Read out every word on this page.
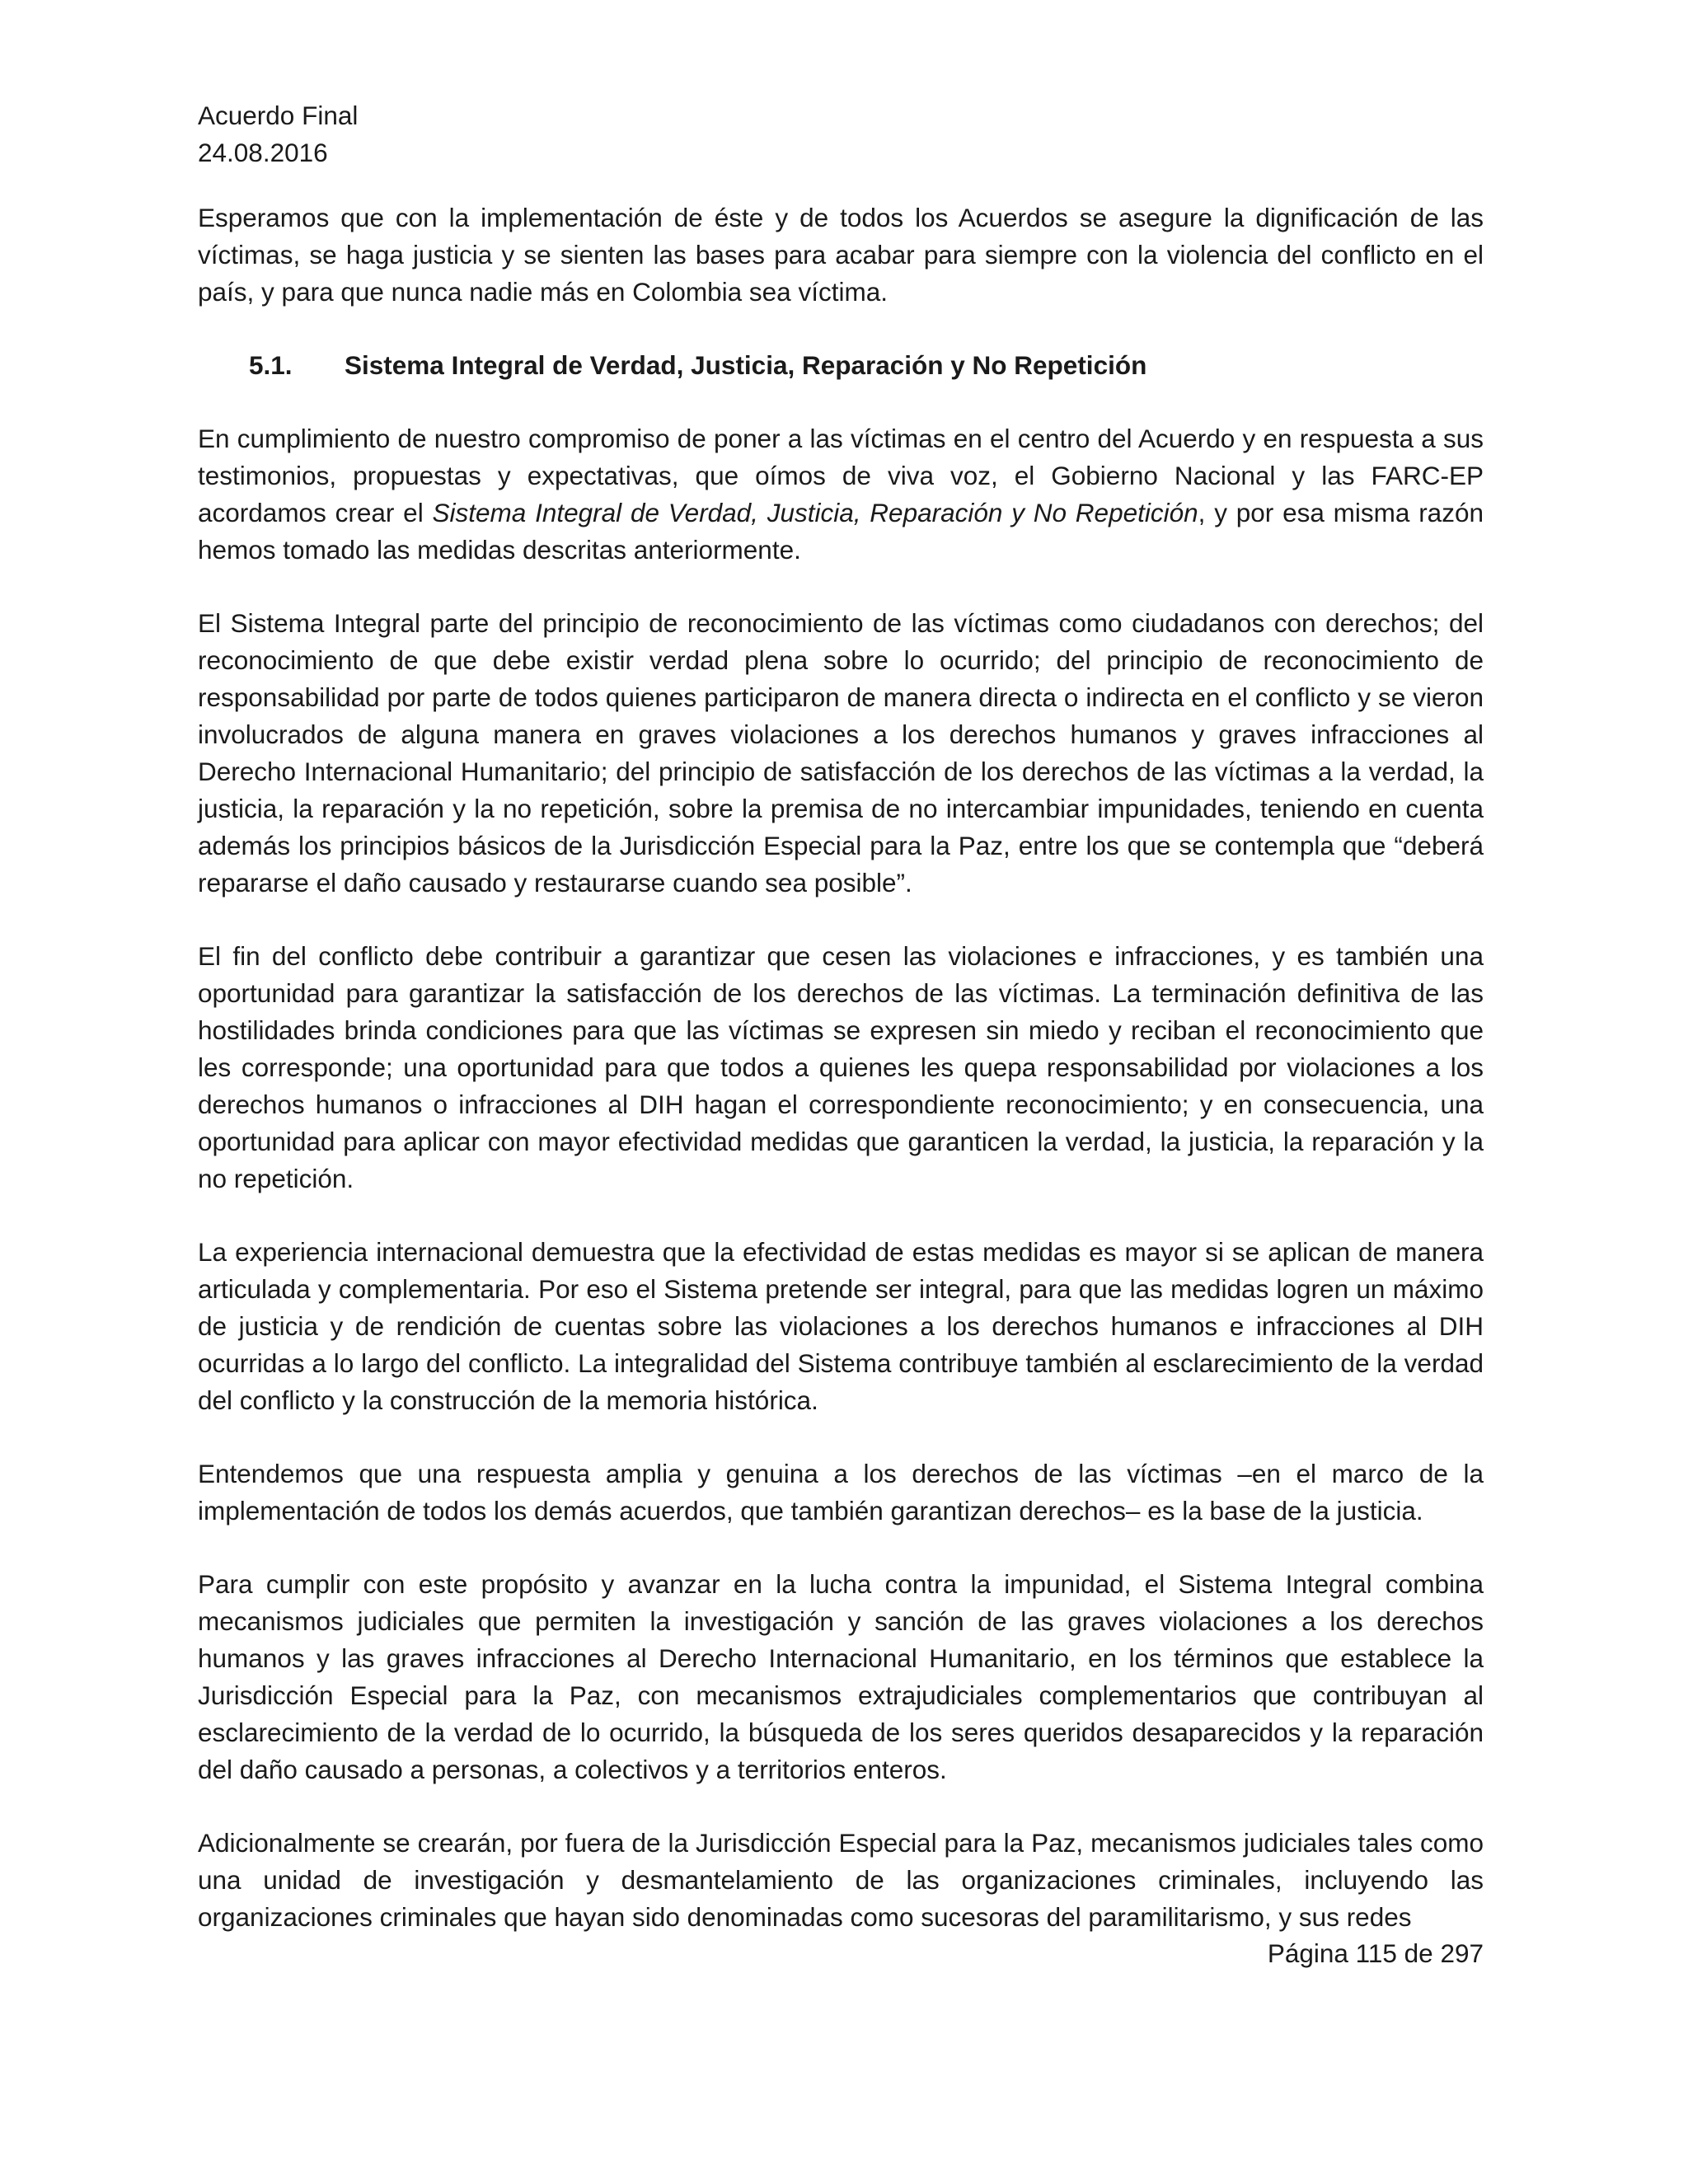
Acuerdo Final
24.08.2016

Esperamos que con la implementación de éste y de todos los Acuerdos se asegure la dignificación de las víctimas, se haga justicia y se sienten las bases para acabar para siempre con la violencia del conflicto en el país, y para que nunca nadie más en Colombia sea víctima.

5.1.	Sistema Integral de Verdad, Justicia, Reparación y No Repetición

En cumplimiento de nuestro compromiso de poner a las víctimas en el centro del Acuerdo y en respuesta a sus testimonios, propuestas y expectativas, que oímos de viva voz, el Gobierno Nacional y las FARC-EP acordamos crear el Sistema Integral de Verdad, Justicia, Reparación y No Repetición, y por esa misma razón hemos tomado las medidas descritas anteriormente.

El Sistema Integral parte del principio de reconocimiento de las víctimas como ciudadanos con derechos; del reconocimiento de que debe existir verdad plena sobre lo ocurrido; del principio de reconocimiento de responsabilidad por parte de todos quienes participaron de manera directa o indirecta en el conflicto y se vieron involucrados de alguna manera en graves violaciones a los derechos humanos y graves infracciones al Derecho Internacional Humanitario; del principio de satisfacción de los derechos de las víctimas a la verdad, la justicia, la reparación y la no repetición, sobre la premisa de no intercambiar impunidades, teniendo en cuenta además los principios básicos de la Jurisdicción Especial para la Paz, entre los que se contempla que “deberá repararse el daño causado y restaurarse cuando sea posible”.

El fin del conflicto debe contribuir a garantizar que cesen las violaciones e infracciones, y es también una oportunidad para garantizar la satisfacción de los derechos de las víctimas. La terminación definitiva de las hostilidades brinda condiciones para que las víctimas se expresen sin miedo y reciban el reconocimiento que les corresponde; una oportunidad para que todos a quienes les quepa responsabilidad por violaciones a los derechos humanos o infracciones al DIH hagan el correspondiente reconocimiento; y en consecuencia, una oportunidad para aplicar con mayor efectividad medidas que garanticen la verdad, la justicia, la reparación y la no repetición.

La experiencia internacional demuestra que la efectividad de estas medidas es mayor si se aplican de manera articulada y complementaria. Por eso el Sistema pretende ser integral, para que las medidas logren un máximo de justicia y de rendición de cuentas sobre las violaciones a los derechos humanos e infracciones al DIH ocurridas a lo largo del conflicto. La integralidad del Sistema contribuye también al esclarecimiento de la verdad del conflicto y la construcción de la memoria histórica.

Entendemos que una respuesta amplia y genuina a los derechos de las víctimas –en el marco de la implementación de todos los demás acuerdos, que también garantizan derechos– es la base de la justicia.

Para cumplir con este propósito y avanzar en la lucha contra la impunidad, el Sistema Integral combina mecanismos judiciales que permiten la investigación y sanción de las graves violaciones a los derechos humanos y las graves infracciones al Derecho Internacional Humanitario, en los términos que establece la Jurisdicción Especial para la Paz, con mecanismos extrajudiciales complementarios que contribuyan al esclarecimiento de la verdad de lo ocurrido, la búsqueda de los seres queridos desaparecidos y la reparación del daño causado a personas, a colectivos y a territorios enteros.

Adicionalmente se crearán, por fuera de la Jurisdicción Especial para la Paz, mecanismos judiciales tales como una unidad de investigación y desmantelamiento de las organizaciones criminales, incluyendo las organizaciones criminales que hayan sido denominadas como sucesoras del paramilitarismo, y sus redes

Página 115 de 297
